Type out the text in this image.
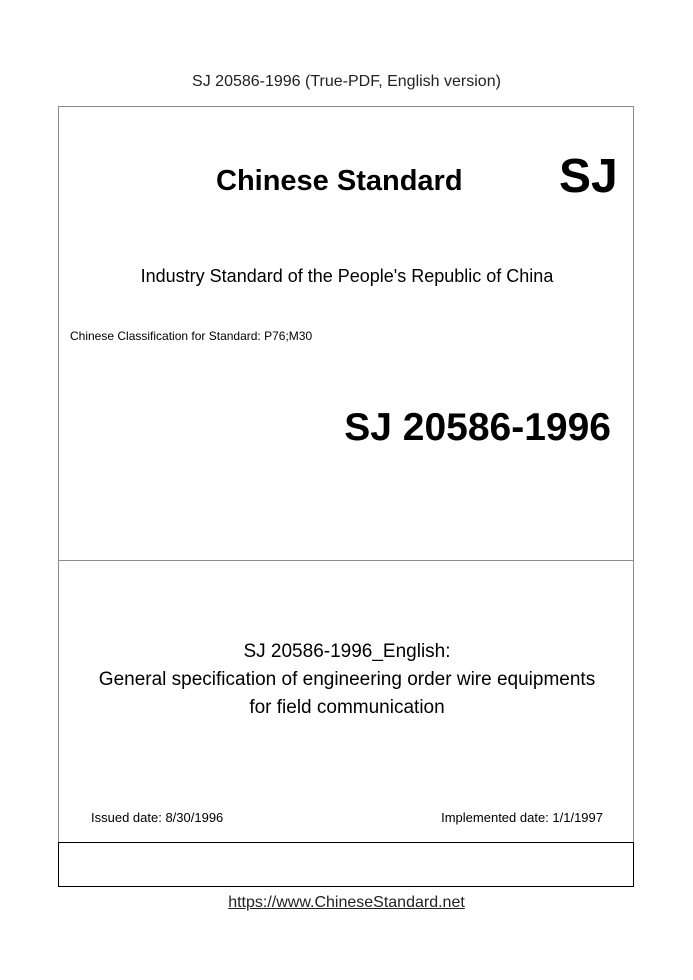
SJ 20586-1996 (True-PDF, English version)
Chinese Standard SJ
Industry Standard of the People's Republic of China
Chinese Classification for Standard: P76;M30
SJ 20586-1996
SJ 20586-1996_English:
General specification of engineering order wire equipments
for field communication
Issued date: 8/30/1996	Implemented date: 1/1/1997
https://www.ChineseStandard.net
